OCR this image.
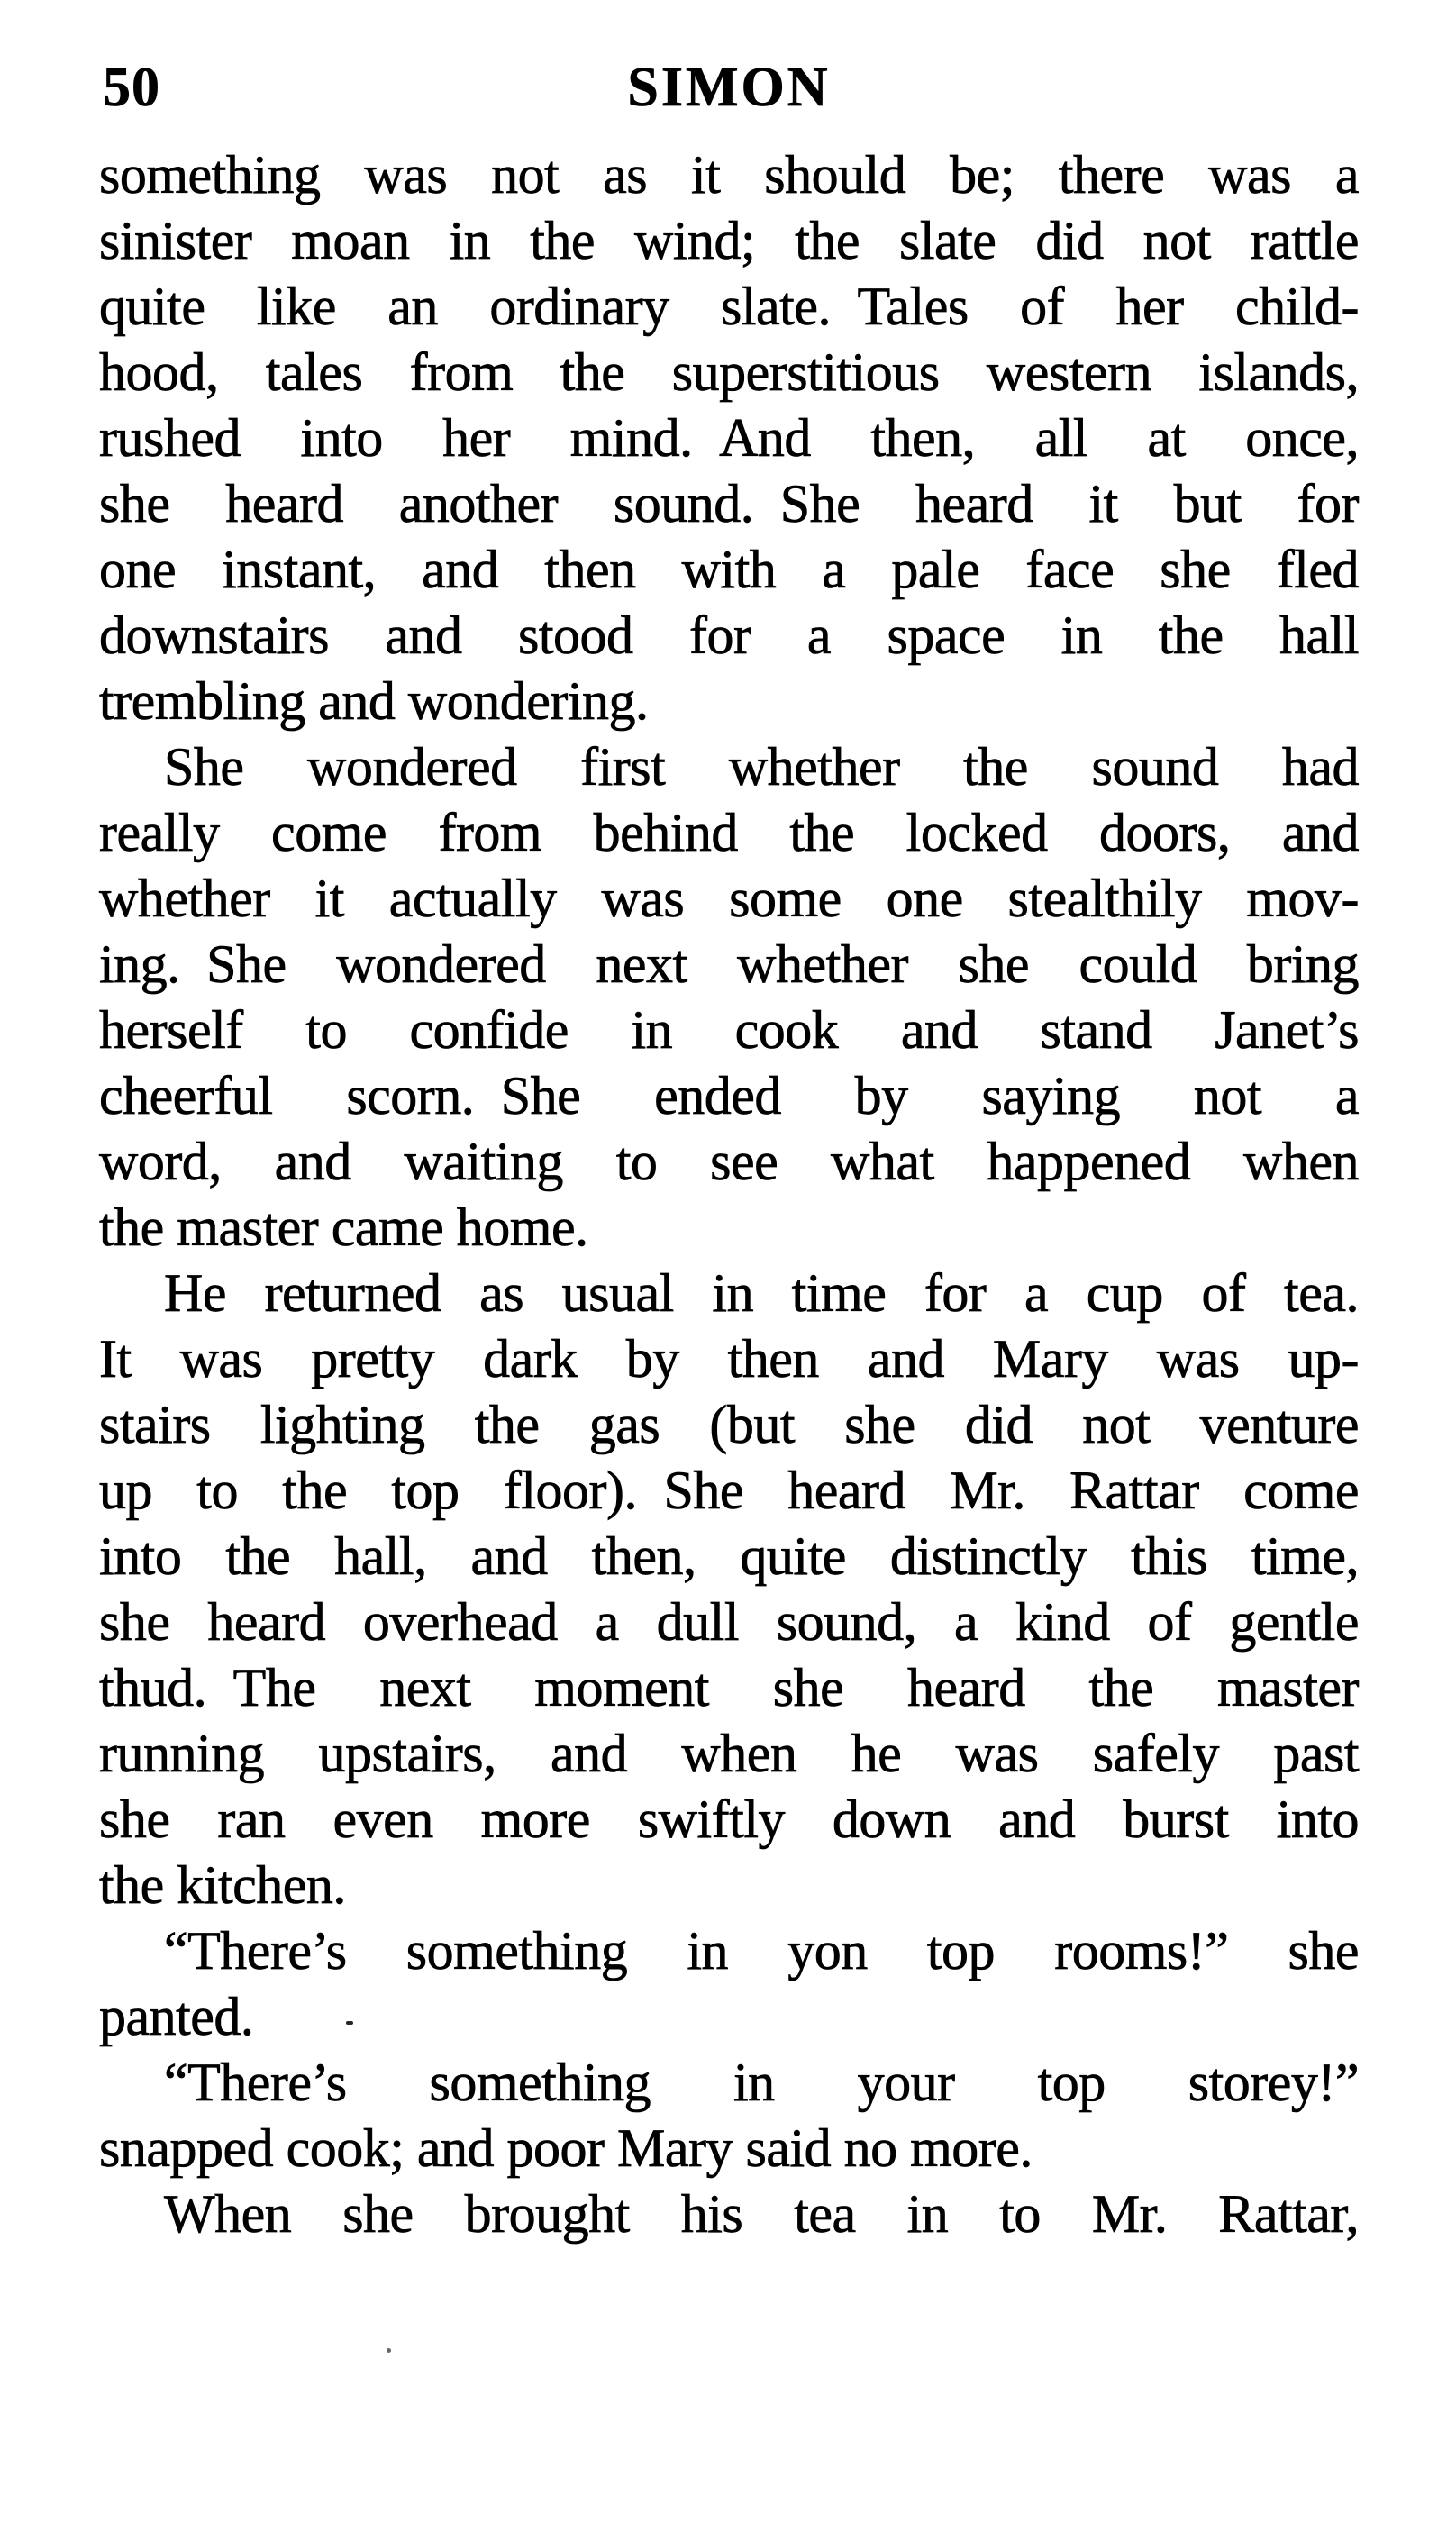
50	SIMON
something was not as it should be; there was a
sinister moan in the wind; the slate did not rattle
quite like an ordinary slate. Tales of her child-
hood, tales from the superstitious western islands,
rushed into her mind. And then, all at once,
she heard another sound. She heard it but for
one instant, and then with a pale face she fled
downstairs and stood for a space in the hall
trembling and wondering.
She wondered first whether the sound had
really come from behind the locked doors, and
whether it actually was some one stealthily mov-
ing. She wondered next whether she could bring
herself to confide in cook and stand Janet’s
cheerful scorn. She ended by saying not a
word, and waiting to see what happened when
the master came home.
He returned as usual in time for a cup of tea.
It was pretty dark by then and Mary was up-
stairs lighting the gas (but she did not venture
up to the top floor). She heard Mr. Rattar come
into the hall, and then, quite distinctly this time,
she heard overhead a dull sound, a kind of gentle
thud. The next moment she heard the master
running upstairs, and when he was safely past
she ran even more swiftly down and burst into
the kitchen.
“There’s something in yon top rooms!” she
panted.
“There’s something in your top storey!”
snapped cook; and poor Mary said no more.
When she brought his tea in to Mr. Rattar,
